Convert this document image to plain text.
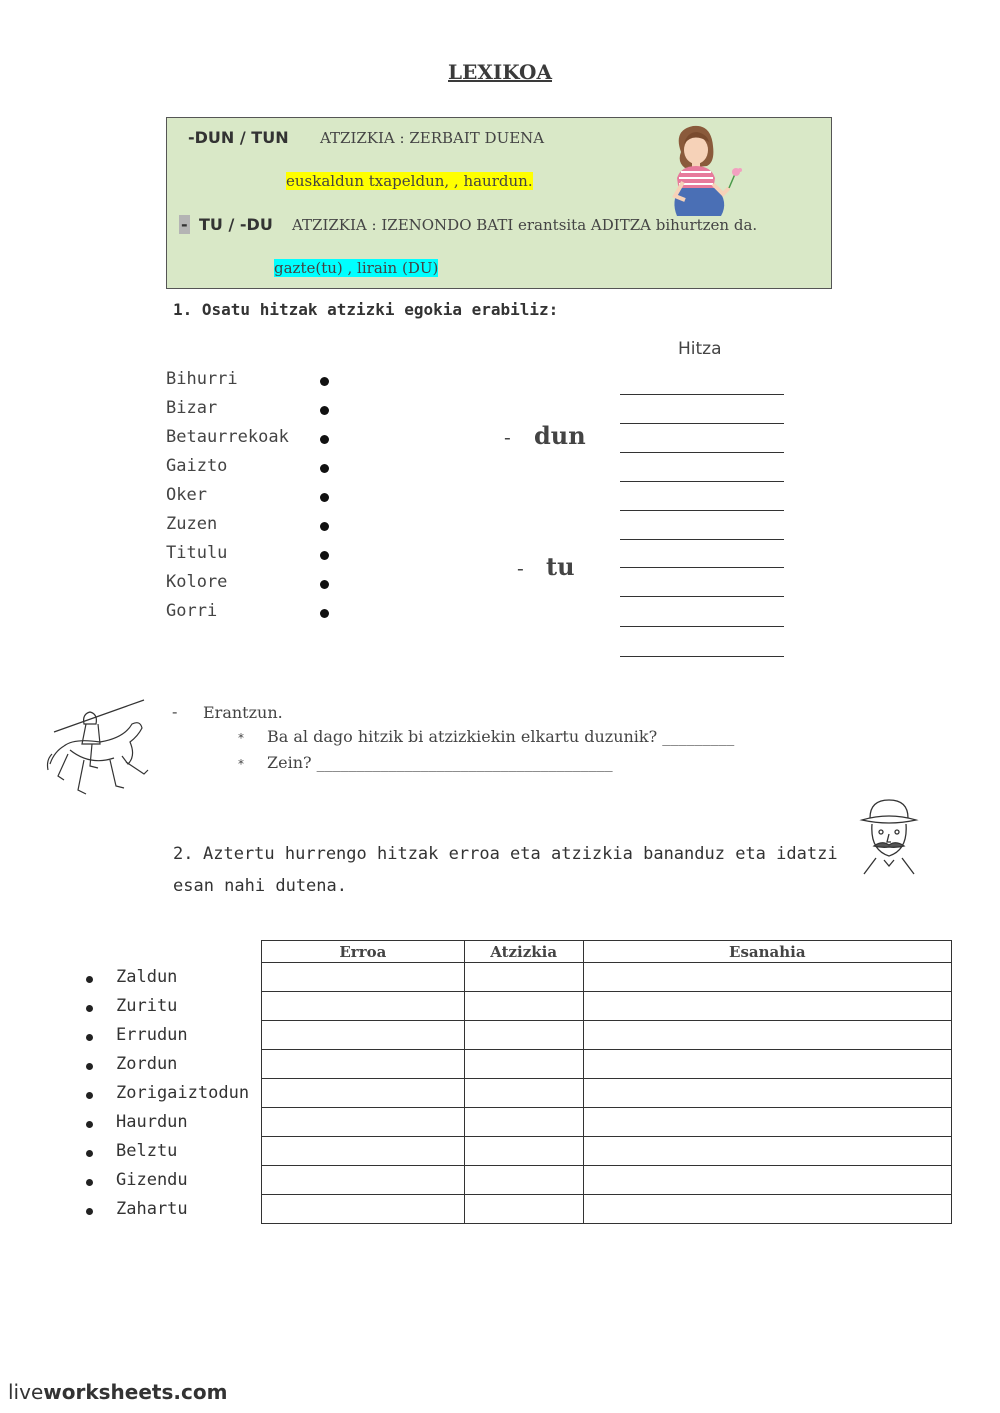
LEXIKOA
-DUN / TUN ATZIZKIA : ZERBAIT DUENA
euskaldun txapeldun, , haurdun.
- TU / -DU ATZIZKIA : IZENONDO BATI erantsita ADITZA bihurtzen da.
gazte(tu) , lirain (DU)
1. Osatu hitzak atzizki egokia erabiliz:
Hitza
Bihurri
Bizar
Betaurrekoak
Gaizto
Oker
Zuzen
Titulu
Kolore
Gorri
- dun
- tu
- Erantzun.
* Ba al dago hitzik bi atzizkiekin elkartu duzunik? _________
* Zein? _____________________________________
2. Aztertu hurrengo hitzak erroa eta atzizkia bananduz eta idatzi esan nahi dutena.
Zaldun
Zuritu
Errudun
Zordun
Zorigaiztodun
Haurdun
Belztu
Gizendu
Zahartu
Erroa	Atzizkia	Esanahia

liveworksheets.com
